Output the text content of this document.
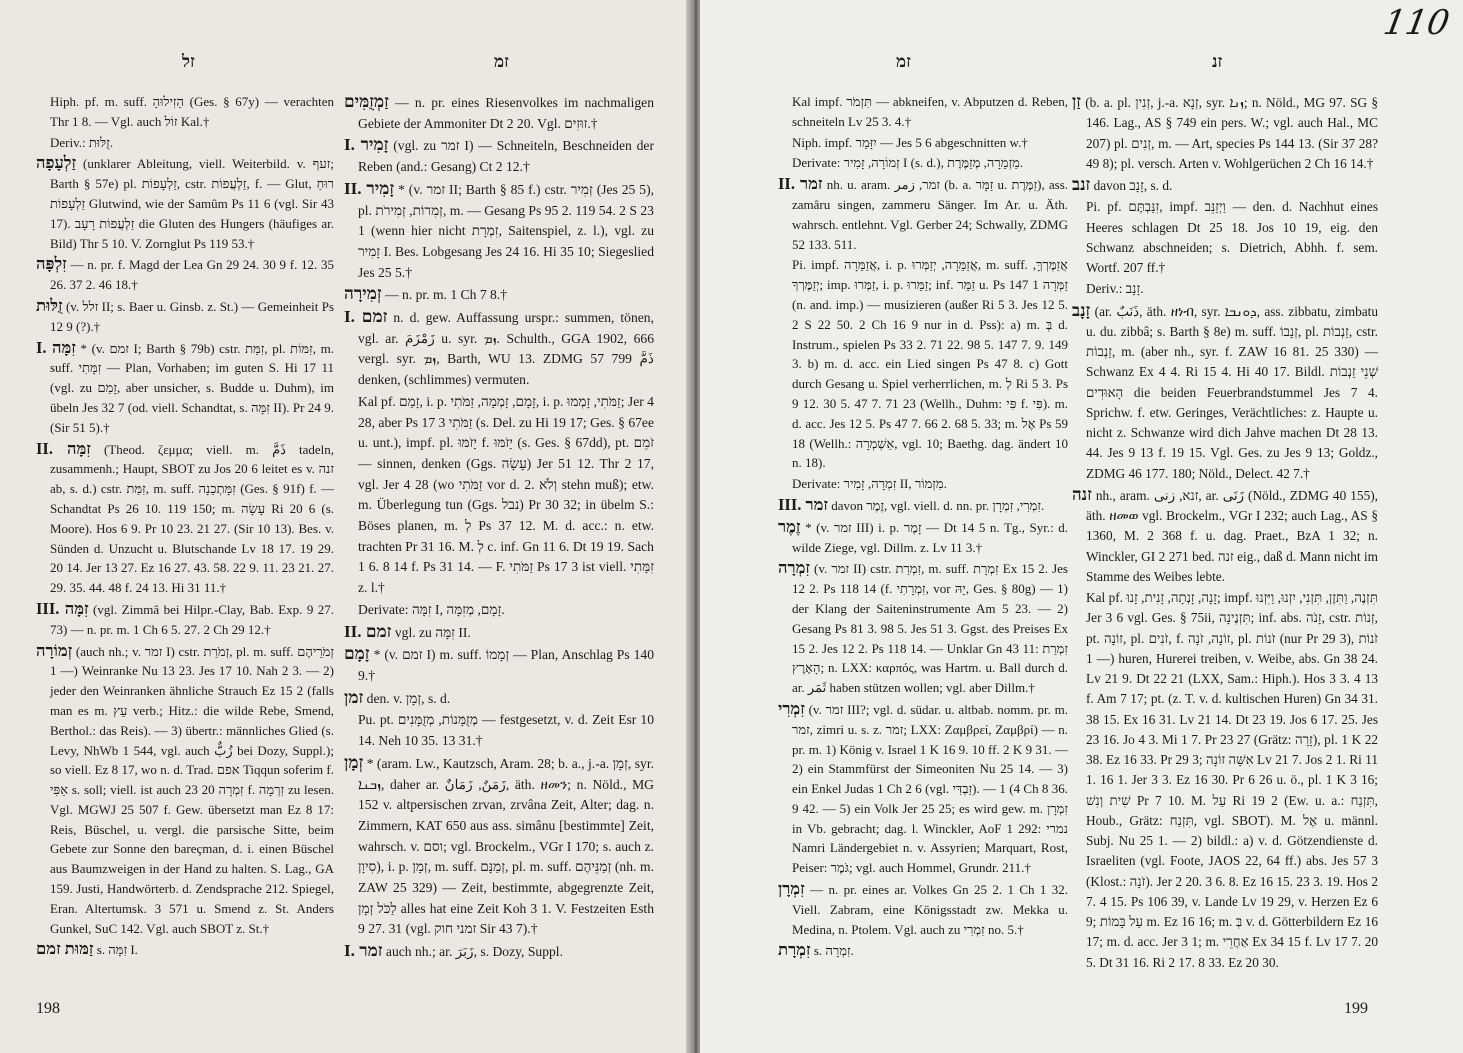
זל	זמ

Hiph. pf. m. suff. הֵזִילוּהָ (Ges. § 67y) — verachten Thr 1 8. — Vgl. auch זוֹל Kal.†

Deriv.: זֻלּוּת.

זַלְעָפָה (unklarer Ableitung, viell. Weiterbild. v. זעף; Barth § 57e) pl. זַלְעָפוֹת, cstr. זַלְעֲפוֹת, f. — Glut, רוּחַ זַלְעָפוֹת Glutwind, wie der Samûm Ps 11 6 (vgl. Sir 43 17). זַלְעֲפוֹת רָעָב die Gluten des Hungers (häufiges ar. Bild) Thr 5 10. V. Zornglut Ps 119 53.†

זִלְפָּה — n. pr. f. Magd der Lea Gn 29 24. 30 9 f. 12. 35 26. 37 2. 46 18.†

זֻלּוּת (v. זלל II; s. Baer u. Ginsb. z. St.) — Gemeinheit Ps 12 9 (?).†

I. זִמָּה * (v. זמם I; Barth § 79b) cstr. זִמַּת, pl. זִמּוֹת, m. suff. זִמָּתִי — Plan, Vorhaben; im guten S. Hi 17 11 (vgl. zu זָמַם, aber unsicher, s. Budde u. Duhm), im übeln Jes 32 7 (od. viell. Schandtat, s. זִמָּה II). Pr 24 9. (Sir 51 5).†

II. זִמָּה (Theod. ζεμμα; viell. m. ذَمَّ tadeln, zusammenh.; Haupt, SBOT zu Jos 20 6 leitet es v. זנה ab, s. d.) cstr. זִמַּת, m. suff. זִמָּתְכֵנָה (Ges. § 91f) f. — Schandtat Ps 26 10. 119 150; m. עָשָׂה Ri 20 6 (s. Moore). Hos 6 9. Pr 10 23. 21 27. (Sir 10 13). Bes. v. Sünden d. Unzucht u. Blutschande Lv 18 17. 19 29. 20 14. Jer 13 27. Ez 16 27. 43. 58. 22 9. 11. 23 21. 27. 29. 35. 44. 48 f. 24 13. Hi 31 11.†

III. זִמָּה (vgl. Zimmâ bei Hilpr.-Clay, Bab. Exp. 9 27. 73) — n. pr. m. 1 Ch 6 5. 27. 2 Ch 29 12.†

זְמוֹרָה (auch nh.; v. זמר I) cstr. זְמֹרַת, pl. m. suff. זְמֹרֵיהֶם — 1) Weinranke Nu 13 23. Jes 17 10. Nah 2 3. — 2) jeder den Weinranken ähnliche Strauch Ez 15 2 (falls man es m. עֵץ verb.; Hitz.: die wilde Rebe, Smend, Berthol.: das Reis). — 3) übertr.: männliches Glied (s. Levy, NhWb 1 544, vgl. auch زُبٌّ bei Dozy, Suppl.); so viell. Ez 8 17, wo n. d. Trad. אפם Tiqqun soferim f. אַפִּי s. soll; viell. ist auch 23 20 זִמְרָה f. זִרְמָה zu lesen. Vgl. MGWJ 25 507 f. Gew. übersetzt man Ez 8 17: Reis, Büschel, u. vergl. die parsische Sitte, beim Gebete zur Sonne den bareçman, d. i. einen Büschel aus Baumzweigen in der Hand zu halten. S. Lag., GA 159. Justi, Handwörterb. d. Zendsprache 212. Spiegel, Eran. Altertumsk. 3 571 u. Smend z. St. Anders Gunkel, SuC 142. Vgl. auch SBOT z. St.†

זַמּוּת זמם s. זִמָּה I.

זַמְזֻמִּים — n. pr. eines Riesenvolkes im nachmaligen Gebiete der Ammoniter Dt 2 20. Vgl. זוּזִים.†

I. זָמִיר (vgl. zu זמר I) — Schneiteln, Beschneiden der Reben (and.: Gesang) Ct 2 12.†

II. זָמִיר * (v. זמר II; Barth § 85 f.) cstr. זְמִיר (Jes 25 5), pl. זְמִרוֹת, זְמִירֹת, m. — Gesang Ps 95 2. 119 54. 2 S 23 1 (wenn hier nicht זִמְרָת, Saitenspiel, z. l.), vgl. zu זָמִיר I. Bes. Lobgesang Jes 24 16. Hi 35 10; Siegeslied Jes 25 5.†

זְמִירָה — n. pr. m. 1 Ch 7 8.†

I. זמם n. d. gew. Auffassung urspr.: summen, tönen, vgl. ar. زَمْزَمَ u. syr. ܙܡ. Schulth., GGA 1902, 666 vergl. syr. ܙܡ, Barth, WU 13. ZDMG 57 799 ذَمَّ denken, (schlimmes) vermuten.

Kal pf. זָמַם, i. p. זָמָם, זָמְמָה, זַמֹּתִי, i. p. זַמֹּתִי, זָמְמוּ; Jer 4 28, aber Ps 17 3 זַמֹּתִי (s. Del. zu Hi 19 17; Ges. § 67ee u. unt.), impf. pl. יָזֹמּוּ f. יָזֹמּוּ (s. Ges. § 67dd), pt. זֹמֵם — sinnen, denken (Ggs. עָשָׂה) Jer 51 12. Thr 2 17, vgl. Jer 4 28 (wo זַמֹּתִי vor d. 2. וְלֹא stehn muß); etw. m. Überlegung tun (Ggs. נבל) Pr 30 32; in übelm S.: Böses planen, m. לְ Ps 37 12. M. d. acc.: n. etw. trachten Pr 31 16. M. לְ c. inf. Gn 11 6. Dt 19 19. Sach 1 6. 8 14 f. Ps 31 14. — F. זַמֹּתִי Ps 17 3 ist viell. זִמָּתִי z. l.†

Derivate: זִמָּה I, זָמָם, מְזִמָּה.

II. זמם vgl. zu זִמָּה II.

זָמָם * (v. זמם I) m. suff. זְמָמוֹ — Plan, Anschlag Ps 140 9.†

זמן den. v. זְמָן, s. d.

Pu. pt. מְזֻמָּנוֹת, מְזֻמָּנִים — festgesetzt, v. d. Zeit Esr 10 14. Neh 10 35. 13 31.†

זְמָן * (aram. Lw., Kautzsch, Aram. 28; b. a., j.-a. זְמָן, syr. ܙܒܢܐ, daher ar. زَمَنٌ, زَمَانٌ, äth. ዘመን; n. Nöld., MG 152 v. altpersischen zrvan, zrvâna Zeit, Alter; dag. n. Zimmern, KAT 650 aus ass. simânu [bestimmte] Zeit, wahrsch. v. וסם; vgl. Brockelm., VGr I 170; s. auch z. סִיוָן), i. p. זְמָן, m. suff. זְמַנָּם, pl. m. suff. זְמַנֵּיהֶם (nh. m. ZAW 25 329) — Zeit, bestimmte, abgegrenzte Zeit, לַכֹּל זְמָן alles hat eine Zeit Koh 3 1. V. Festzeiten Esth 9 27. 31 (vgl. זמני חוק Sir 43 7).†

I. זמר auch nh.; ar. زَبَرَ, s. Dozy, Suppl.

198
110
זמ	זנ

Kal impf. תִּזְמֹר — abkneifen, v. Abputzen d. Reben, schneiteln Lv 25 3. 4.†

Niph. impf. יִזָּמֵר — Jes 5 6 abgeschnitten w.†

Derivate: זְמוֹרָה, זָמִיר I (s. d.), מַזְמֵרָה, מְזַמֶּרֶת.

II. זמר nh. u. aram. זמר, زمر (b. a. זַמָּר u. זַמֶּרֶת), ass. zamâru singen, zammeru Sänger. Im Ar. u. Äth. wahrsch. entlehnt. Vgl. Gerber 24; Schwally, ZDMG 52 133. 511.

Pi. impf. אֲזַמֵּרָה, i. p. אֲזַמֵּרָה, יְזַמְּרוּ, m. suff. אֲזַמֶּרְךָּ, יְזַמֶּרְךָ; imp. זַמְּרוּ, i. p. זַמֵּרוּ; inf. זַמֵּר u. Ps 147 1 זַמְּרָה (n. and. imp.) — musizieren (außer Ri 5 3. Jes 12 5. 2 S 22 50. 2 Ch 16 9 nur in d. Pss): a) m. בְּ d. Instrum., spielen Ps 33 2. 71 22. 98 5. 147 7. 9. 149 3. b) m. d. acc. ein Lied singen Ps 47 8. c) Gott durch Gesang u. Spiel verherrlichen, m. לְ Ri 5 3. Ps 9 12. 30 5. 47 7. 71 23 (Wellh., Duhm: פִּי f. פִּי). m. d. acc. Jes 12 5. Ps 47 7. 66 2. 68 5. 33; m. אֶל Ps 59 18 (Wellh.: אַשְׁמְרָה, vgl. 10; Baethg. dag. ändert 10 n. 18).

Derivate: זִמְרָה, זָמִיר II, מִזְמוֹר.

III. זמר davon זֶמֶר, vgl. viell. d. nn. pr. זִמְרִי, זִמְרָן.

זֶמֶר * (v. זמר III) i. p. זָמֶר — Dt 14 5 n. Tg., Syr.: d. wilde Ziege, vgl. Dillm. z. Lv 11 3.†

זִמְרָה (v. זמר II) cstr. זִמְרַת, m. suff. זִמְרָת Ex 15 2. Jes 12 2. Ps 118 14 (f. זִמְרָתִי, vor יָהּ, Ges. § 80g) — 1) der Klang der Saiteninstrumente Am 5 23. — 2) Gesang Ps 81 3. 98 5. Jes 51 3. Ggst. des Preises Ex 15 2. Jes 12 2. Ps 118 14. — Unklar Gn 43 11: זִמְרַת הָאָרֶץ; n. LXX: καρπός, was Hartm. u. Ball durch d. ar. ثَمَر haben stützen wollen; vgl. aber Dillm.†

זִמְרִי (v. זמר III?; vgl. d. südar. u. altbab. nomm. pr. m. זמר, zimri u. s. z. זמר; LXX: Ζαμβρεί, Ζαμβρί) — n. pr. m. 1) König v. Israel 1 K 16 9. 10 ff. 2 K 9 31. — 2) ein Stammfürst der Simeoniten Nu 25 14. — 3) ein Enkel Judas 1 Ch 2 6 (vgl. זַבְדִּי). — 4) 1 Ch 8 36. 9 42. — 5) ein Volk Jer 25 25; es wird gew. m. זִמְרָן in Vb. gebracht; dag. l. Winckler, AoF 1 292: נמרי Namri Ländergebiet n. v. Assyrien; Marquart, Rost, Peiser: גֹּמֶר; vgl. auch Hommel, Grundr. 211.†

זִמְרָן — n. pr. eines ar. Volkes Gn 25 2. 1 Ch 1 32. Viell. Zabram, eine Königsstadt zw. Mekka u. Medina, n. Ptolem. Vgl. auch zu זִמְרִי no. 5.†

זִמְרָת s. זִמְרָה.

זַן (b. a. pl. זְנִין, j.-a. זְנָא, syr. ܙܢܐ; n. Nöld., MG 97. SG § 146. Lag., AS § 749 ein pers. W.; vgl. auch Hal., MC 207) pl. זְנִים, m. — Art, species Ps 144 13. (Sir 37 28? 49 8); pl. versch. Arten v. Wohlgerüchen 2 Ch 16 14.†

זנב davon זָנָב, s. d.

Pi. pf. זִנַּבְתֶּם, impf. וַיְזַנֵּב — den. d. Nachhut eines Heeres schlagen Dt 25 18. Jos 10 19, eig. den Schwanz abschneiden; s. Dietrich, Abhh. f. sem. Wortf. 207 ff.†

Deriv.: זָנָב.

זָנָב (ar. ذَنَبٌ, äth. ዘነብ, syr. ܕܘܢܒܐ, ass. zibbatu, zimbatu u. du. zibbâ; s. Barth § 8e) m. suff. זְנָבוֹ, pl. זַנְבוֹת, cstr. זַנְבוֹת, m. (aber nh., syr. f. ZAW 16 81. 25 330) — Schwanz Ex 4 4. Ri 15 4. Hi 40 17. Bildl. שְׁנֵי זַנְבוֹת הָאוּדִים die beiden Feuerbrandstummel Jes 7 4. Sprichw. f. etw. Geringes, Verächtliches: z. Haupte u. nicht z. Schwanze wird dich Jahve machen Dt 28 13. 44. Jes 9 13 f. 19 15. Vgl. Ges. zu Jes 9 13; Goldz., ZDMG 46 177. 180; Nöld., Delect. 42 7.†

זנה nh., aram. זנא, زنى, ar. زَنَى (Nöld., ZDMG 40 155), äth. ዘመወ vgl. Brockelm., VGr I 232; auch Lag., AS § 1360, M. 2 368 f. u. dag. Praet., BzA 1 32; n. Winckler, GI 2 271 bed. זנה eig., daß d. Mann nicht im Stamme des Weibes lebte.

Kal pf. זָנָה, זָנְתָה, זָנִית, זָנוּ; impf. תִּזְנֶה, וַתִּזֶן, תִּזְנִי, יִזְנוּ, וַיִּזְנוּ Jer 3 6 vgl. Ges. § 75ii, תִּזְנֶינָה; inf. abs. זָנֹה, cstr. זְנוֹת, pt. זוֹנָה, pl. זֹנִים, f. זוֹנָה, זֹנָה, pl. זֹנוֹת (nur Pr 29 3), זֹנוֹת — 1) huren, Hurerei treiben, v. Weibe, abs. Gn 38 24. Lv 21 9. Dt 22 21 (LXX, Sam.: Hiph.). Hos 3 3. 4 13 f. Am 7 17; pt. (z. T. v. d. kultischen Huren) Gn 34 31. 38 15. Ex 16 31. Lv 21 14. Dt 23 19. Jos 6 17. 25. Jes 23 16. Jo 4 3. Mi 1 7. Pr 23 27 (Grätz: זָרָה), pl. 1 K 22 38. Ez 16 33. Pr 29 3; אִשָּׁה זוֹנָה Lv 21 7. Jos 2 1. Ri 11 1. 16 1. Jer 3 3. Ez 16 30. Pr 6 26 u. ö., pl. 1 K 3 16; שִׁית וְנִשׁ Pr 7 10. M. עַל Ri 19 2 (Ew. u. a.: תִּזְנַח, Houb., Grätz: תִּזְנַח, vgl. SBOT). M. אֶל u. männl. Subj. Nu 25 1. — 2) bildl.: a) v. d. Götzendienste d. Israeliten (vgl. Foote, JAOS 22, 64 ff.) abs. Jes 57 3 (Klost.: זֹנָה). Jer 2 20. 3 6. 8. Ez 16 15. 23 3. 19. Hos 2 7. 4 15. Ps 106 39, v. Lande Lv 19 29, v. Herzen Ez 6 9; עַל בָּמוֹת m. Ez 16 16; m. בְּ v. d. Götterbildern Ez 16 17; m. d. acc. Jer 3 1; m. אַחֲרֵי Ex 34 15 f. Lv 17 7. 20 5. Dt 31 16. Ri 2 17. 8 33. Ez 20 30.

199
